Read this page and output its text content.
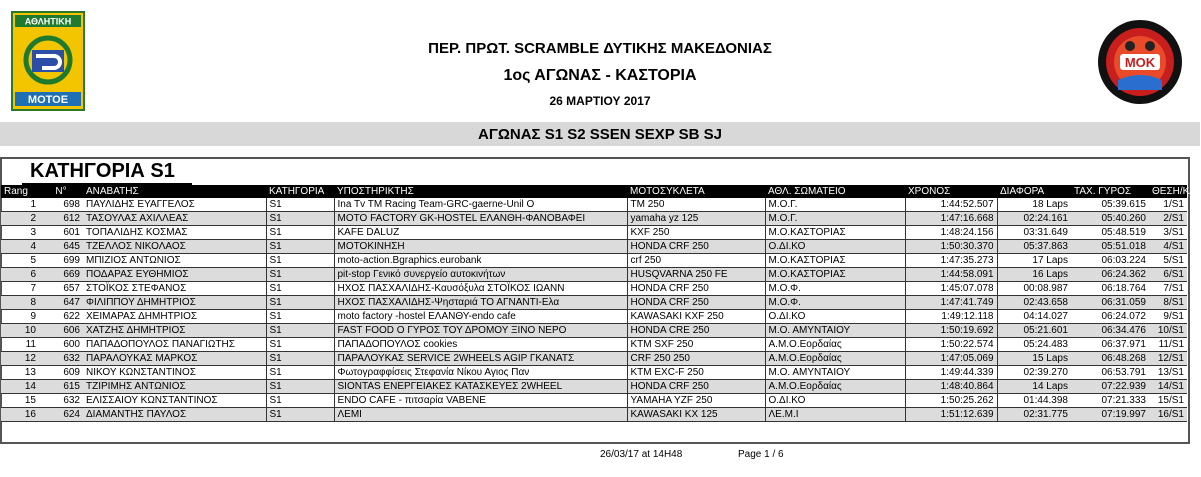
ΑΘΛΗΤΙΚΗ
ΜΟΤΟΕ
ΜΟΚ
ΠΕΡ. ΠΡΩΤ. SCRAMBLE ΔΥΤΙΚΗΣ ΜΑΚΕΔΟΝΙΑΣ
1ος ΑΓΩΝΑΣ - ΚΑΣΤΟΡΙΑ
26 ΜΑΡΤΙΟΥ 2017
ΑΓΩΝΑΣ S1 S2 SSEN SEXP SB SJ
ΚΑΤΗΓΟΡΙΑ S1
Rang	N°	ΑΝΑΒΑΤΗΣ	ΚΑΤΗΓΟΡΙΑ	ΥΠΟΣΤΗΡΙΚΤΗΣ	ΜΟΤΟΣΥΚΛΕΤΑ	ΑΘΛ. ΣΩΜΑΤΕΙΟ	ΧΡΟΝΟΣ	ΔΙΑΦΟΡΑ	ΤΑΧ. ΓΥΡΟΣ	ΘΕΣΗ/ΚΑΤ
1	698	ΠΑΥΛΙΔΗΣ ΕΥΑΓΓΕΛΟΣ	S1	Ina Tv TM Racing Team-GRC-gaerne-Unil O	TM 250	Μ.Ο.Γ.	1:44:52.507	18 Laps	05:39.615	1/S1
2	612	ΤΑΣΟΥΛΑΣ ΑΧΙΛΛΕΑΣ	S1	MOTO FACTORY GK-HOSTEL ΕΛΑΝΘΗ-ΦΑΝΟΒΑΦΕΙ	yamaha yz 125	Μ.Ο.Γ.	1:47:16.668	02:24.161	05:40.260	2/S1
3	601	ΤΟΠΑΛΙΔΗΣ ΚΟΣΜΑΣ	S1	KAFE DALUZ	KXF 250	Μ.Ο.ΚΑΣΤΟΡΙΑΣ	1:48:24.156	03:31.649	05:48.519	3/S1
4	645	ΤΖΕΛΛΟΣ ΝΙΚΟΛΑΟΣ	S1	ΜΟΤΟΚΙΝΗΣΗ	HONDA CRF 250	Ο.ΔΙ.ΚΟ	1:50:30.370	05:37.863	05:51.018	4/S1
5	699	ΜΠΙΖΙΟΣ ΑΝΤΩΝΙΟΣ	S1	moto-action.Bgraphics.eurobank	crf 250	Μ.Ο.ΚΑΣΤΟΡΙΑΣ	1:47:35.273	17 Laps	06:03.224	5/S1
6	669	ΠΟΔΑΡΑΣ ΕΥΘΗΜΙΟΣ	S1	pit-stop Γενικό συνεργείο αυτοκινήτων	HUSQVARNA 250 FE	Μ.Ο.ΚΑΣΤΟΡΙΑΣ	1:44:58.091	16 Laps	06:24.362	6/S1
7	657	ΣΤΟΪΚΟΣ ΣΤΕΦΑΝΟΣ	S1	ΗΧΟΣ ΠΑΣΧΑΛΙΔΗΣ-Καυσόξυλα ΣΤΟΪΚΟΣ ΙΩΑΝΝ	HONDA CRF 250	Μ.Ο.Φ.	1:45:07.078	00:08.987	06:18.764	7/S1
8	647	ΦΙΛΙΠΠΟΥ ΔΗΜΗΤΡΙΟΣ	S1	ΗΧΟΣ ΠΑΣΧΑΛΙΔΗΣ-Ψησταριά ΤΟ ΑΓΝΑΝΤΙ-Ελα	HONDA CRF 250	Μ.Ο.Φ.	1:47:41.749	02:43.658	06:31.059	8/S1
9	622	ΧΕΙΜΑΡΑΣ ΔΗΜΗΤΡΙΟΣ	S1	moto factory -hostel ΕΛΑΝΘΥ-endo cafe	KAWASAKI KXF 250	Ο.ΔΙ.ΚΟ	1:49:12.118	04:14.027	06:24.072	9/S1
10	606	ΧΑΤΖΗΣ ΔΗΜΗΤΡΙΟΣ	S1	FAST FOOD Ο ΓΥΡΟΣ ΤΟΥ ΔΡΟΜΟΥ ΞΙΝΟ ΝΕΡΟ	HONDA CRE 250	Μ.Ο. ΑΜΥΝΤΑΙΟΥ	1:50:19.692	05:21.601	06:34.476	10/S1
11	600	ΠΑΠΑΔΟΠΟΥΛΟΣ ΠΑΝΑΓΙΩΤΗΣ	S1	ΠΑΠΑΔΟΠΟΥΛΟΣ cookies	KTM SXF 250	Α.Μ.Ο.Εορδαίας	1:50:22.574	05:24.483	06:37.971	11/S1
12	632	ΠΑΡΑΛΟΥΚΑΣ ΜΑΡΚΟΣ	S1	ΠΑΡΑΛΟΥΚΑΣ SERVICE 2WHEELS AGIP ΓΚΑΝΑΤΣ	CRF 250 250	Α.Μ.Ο.Εορδαίας	1:47:05.069	15 Laps	06:48.268	12/S1
13	609	ΝΙΚΟΥ ΚΩΝΣΤΑΝΤΙΝΟΣ	S1	Φωτογραφφίσεις Στεφανία Νίκου Αγιος Παν	KTM EXC-F 250	Μ.Ο. ΑΜΥΝΤΑΙΟΥ	1:49:44.339	02:39.270	06:53.791	13/S1
14	615	ΤΖΙΡΙΜΗΣ ΑΝΤΩΝΙΟΣ	S1	SIONTAS ΕΝΕΡΓΕΙΑΚΕΣ ΚΑΤΑΣΚΕΥΕΣ 2WHEEL	HONDA CRF 250	Α.Μ.Ο.Εορδαίας	1:48:40.864	14 Laps	07:22.939	14/S1
15	632	ΕΛΙΣΣΑΙΟΥ ΚΩΝΣΤΑΝΤΙΝΟΣ	S1	ENDO CAFE - πιτσαρία VABENE	YAMAHA YZF 250	Ο.ΔΙ.ΚΟ	1:50:25.262	01:44.398	07:21.333	15/S1
16	624	ΔΙΑΜΑΝΤΗΣ ΠΑΥΛΟΣ	S1	ΛΕΜΙ	KAWASAKI KX 125	ΛΕ.Μ.Ι	1:51:12.639	02:31.775	07:19.997	16/S1
26/03/17 at 14H48	Page 1 / 6
